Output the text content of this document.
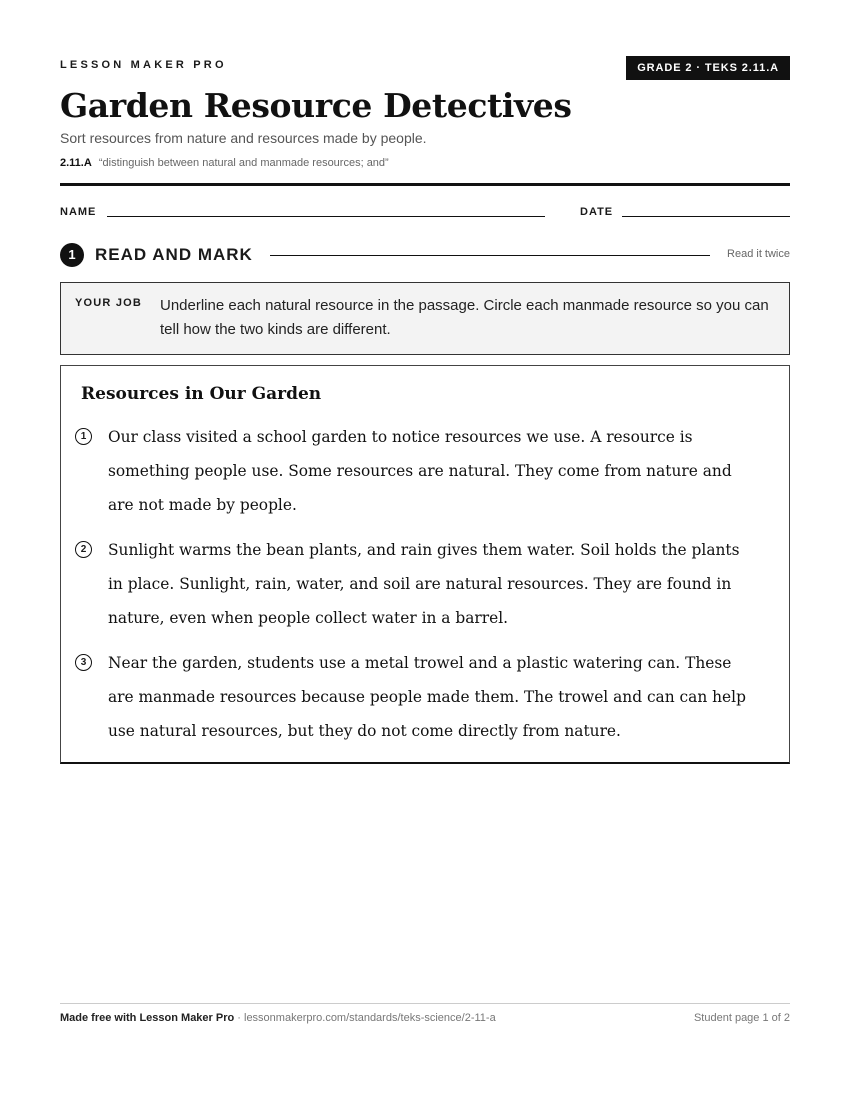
LESSON MAKER PRO	GRADE 2 · TEKS 2.11.A
Garden Resource Detectives
Sort resources from nature and resources made by people.
2.11.A “distinguish between natural and manmade resources; and”
NAME	DATE
1	READ AND MARK	Read it twice
YOUR JOB Underline each natural resource in the passage. Circle each manmade resource so you can tell how the two kinds are different.
Resources in Our Garden
1	Our class visited a school garden to notice resources we use. A resource is something people use. Some resources are natural. They come from nature and are not made by people.
2	Sunlight warms the bean plants, and rain gives them water. Soil holds the plants in place. Sunlight, rain, water, and soil are natural resources. They are found in nature, even when people collect water in a barrel.
3	Near the garden, students use a metal trowel and a plastic watering can. These are manmade resources because people made them. The trowel and can can help use natural resources, but they do not come directly from nature.
Made free with Lesson Maker Pro · lessonmakerpro.com/standards/teks-science/2-11-a	Student page 1 of 2
